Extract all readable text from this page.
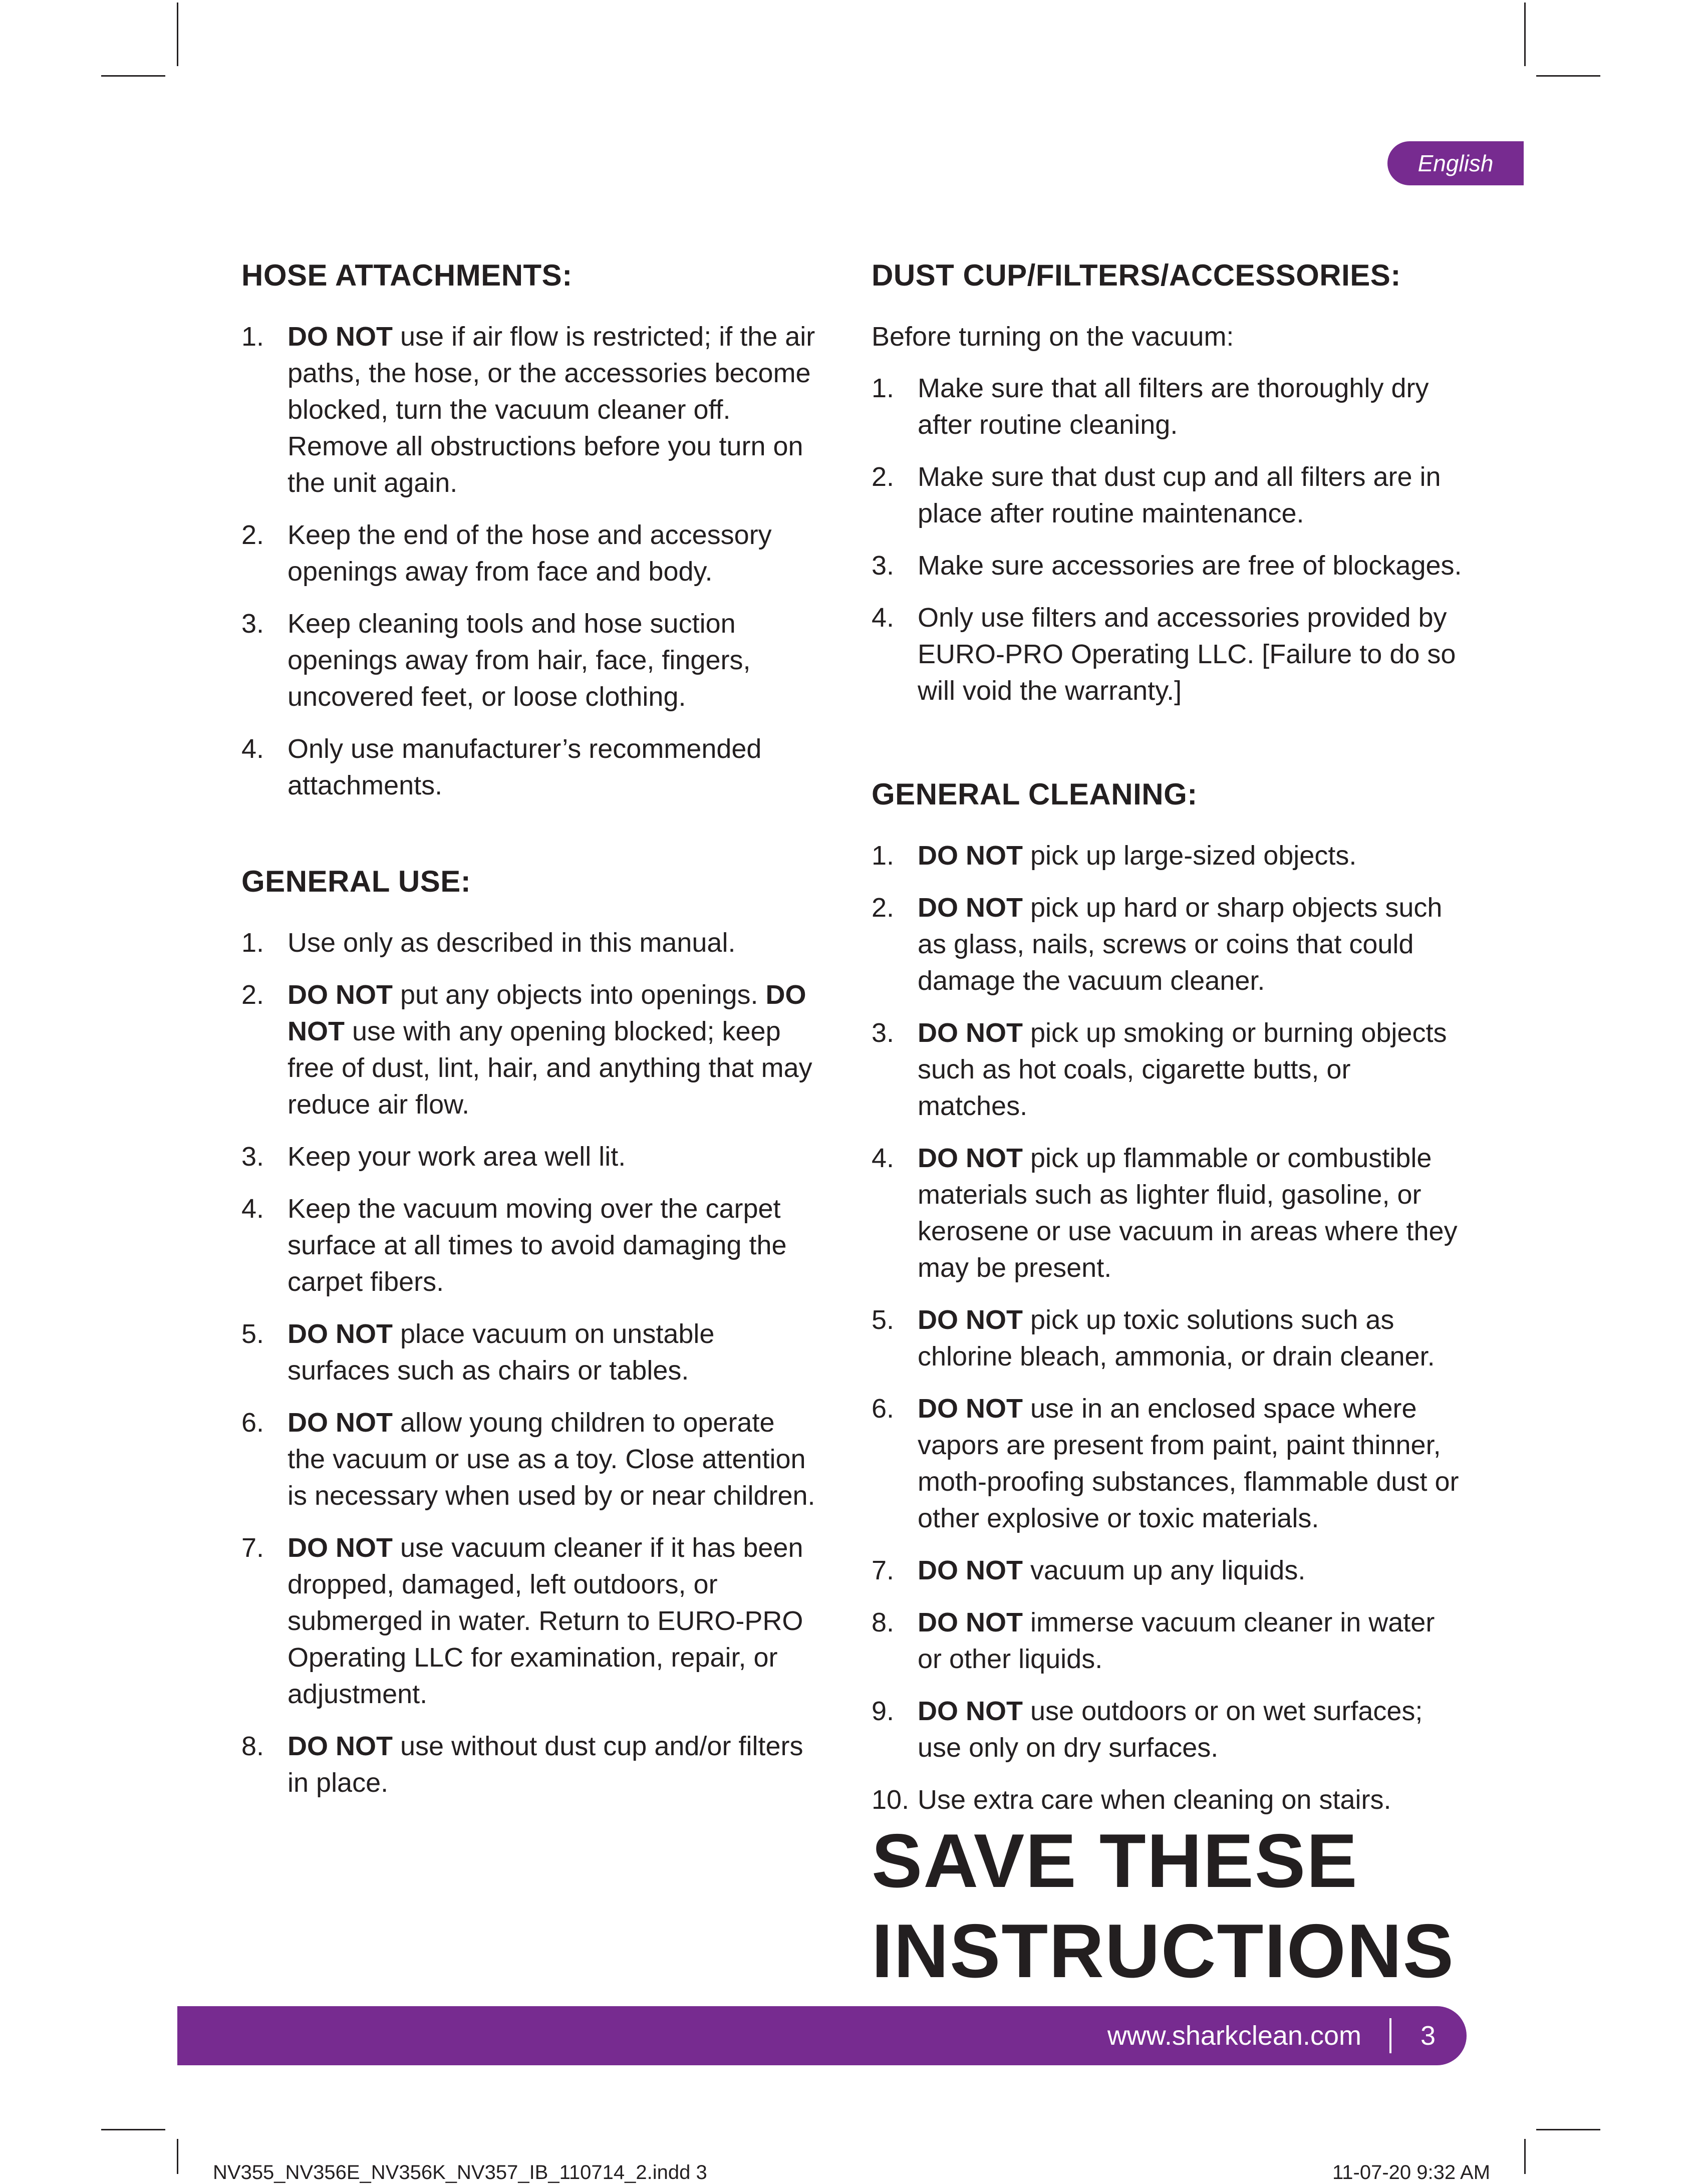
English
HOSE ATTACHMENTS:
1. DO NOT use if air flow is restricted; if the air paths, the hose, or the accessories become blocked, turn the vacuum cleaner off. Remove all obstructions before you turn on the unit again.
2. Keep the end of the hose and accessory openings away from face and body.
3. Keep cleaning tools and hose suction openings away from hair, face, fingers, uncovered feet, or loose clothing.
4. Only use manufacturer’s recommended attachments.
GENERAL USE:
1. Use only as described in this manual.
2. DO NOT put any objects into openings. DO NOT use with any opening blocked; keep free of dust, lint, hair, and anything that may reduce air flow.
3. Keep your work area well lit.
4. Keep the vacuum moving over the carpet surface at all times to avoid damaging the carpet fibers.
5. DO NOT place vacuum on unstable surfaces such as chairs or tables.
6. DO NOT allow young children to operate the vacuum or use as a toy. Close attention is necessary when used by or near children.
7. DO NOT use vacuum cleaner if it has been dropped, damaged, left outdoors, or submerged in water. Return to EURO-PRO Operating LLC for examination, repair, or adjustment.
8. DO NOT use without dust cup and/or filters in place.
DUST CUP/FILTERS/ACCESSORIES:

Before turning on the vacuum:

1. Make sure that all filters are thoroughly dry after routine cleaning.
2. Make sure that dust cup and all filters are in place after routine maintenance.
3. Make sure accessories are free of blockages.
4. Only use filters and accessories provided by EURO-PRO Operating LLC. [Failure to do so will void the warranty.]
GENERAL CLEANING:
1. DO NOT pick up large-sized objects.
2. DO NOT pick up hard or sharp objects such as glass, nails, screws or coins that could damage the vacuum cleaner.
3. DO NOT pick up smoking or burning objects such as hot coals, cigarette butts, or matches.
4. DO NOT pick up flammable or combustible materials such as lighter fluid, gasoline, or kerosene or use vacuum in areas where they may be present.
5. DO NOT pick up toxic solutions such as chlorine bleach, ammonia, or drain cleaner.
6. DO NOT use in an enclosed space where vapors are present from paint, paint thinner, moth-proofing substances, flammable dust or other explosive or toxic materials.
7. DO NOT vacuum up any liquids.
8. DO NOT immerse vacuum cleaner in water or other liquids.
9. DO NOT use outdoors or on wet surfaces; use only on dry surfaces.
10. Use extra care when cleaning on stairs.
SAVE THESE
INSTRUCTIONS
www.sharkclean.com 3
NV355_NV356E_NV356K_NV357_IB_110714_2.indd 3	11-07-20 9:32 AM
